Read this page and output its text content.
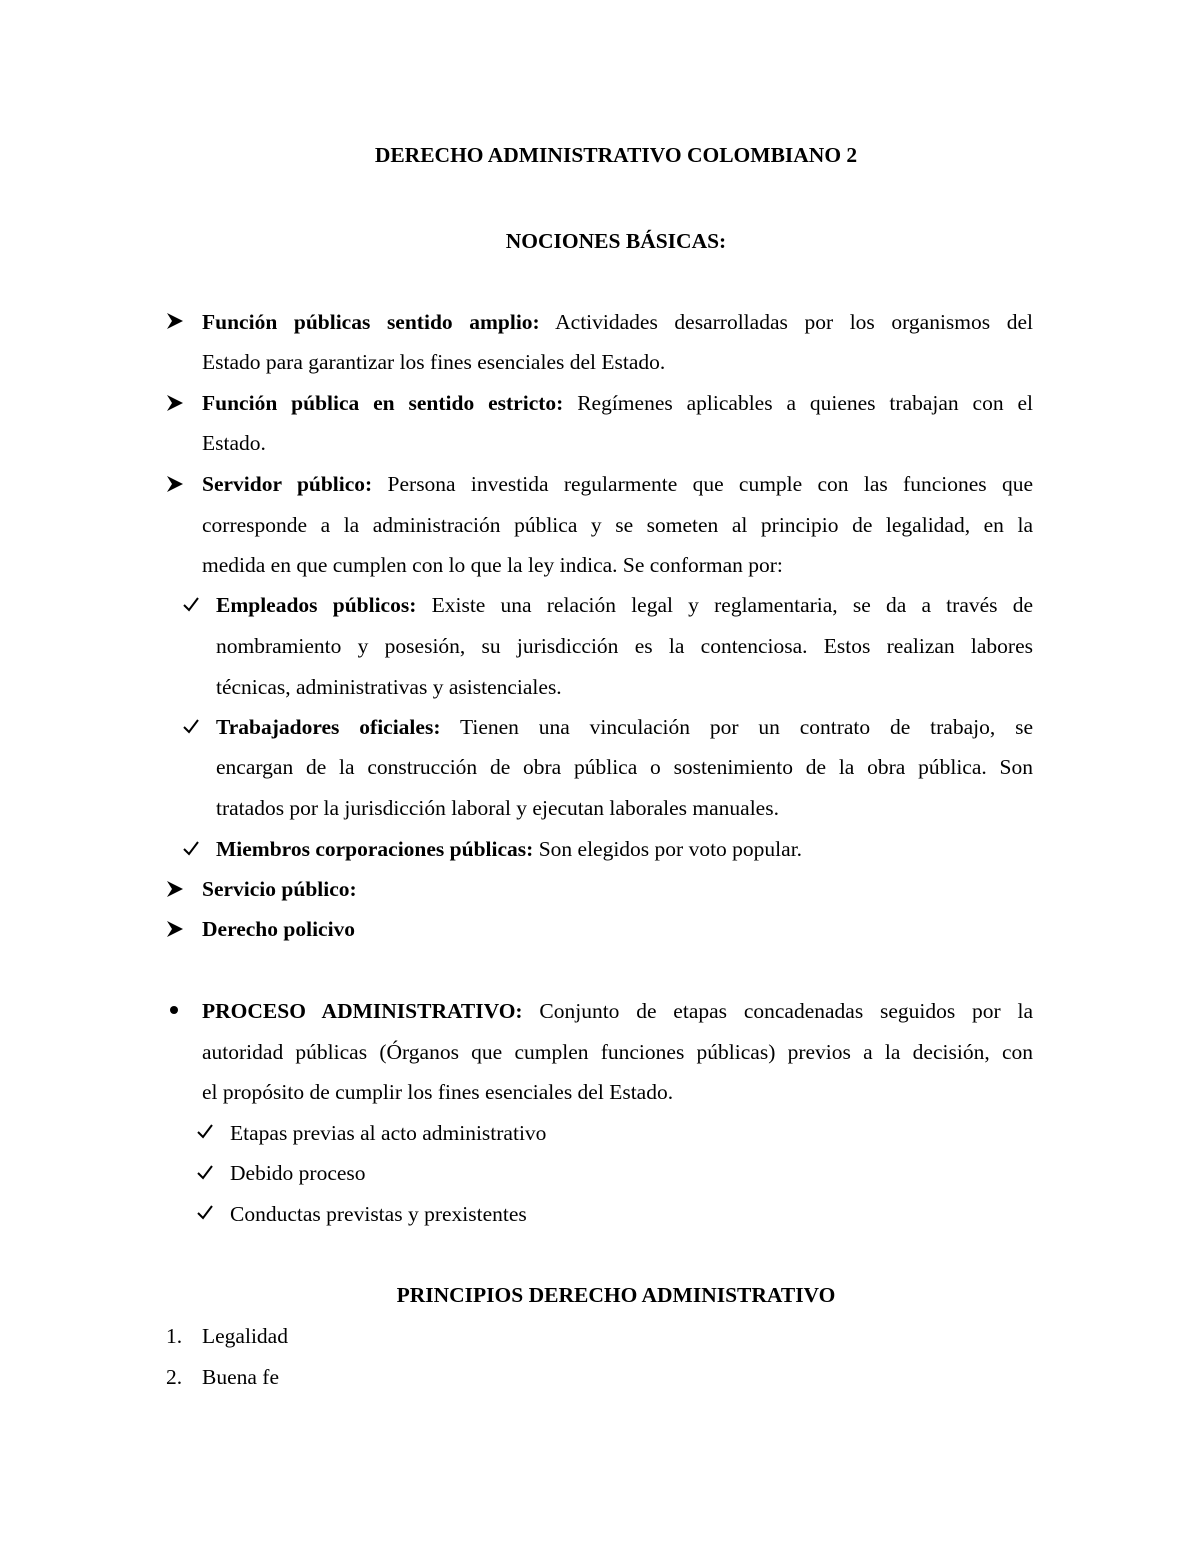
DERECHO ADMINISTRATIVO COLOMBIANO 2
NOCIONES BÁSICAS:
Función públicas sentido amplio: Actividades desarrolladas por los organismos del
Estado para garantizar los fines esenciales del Estado.
Función pública en sentido estricto: Regímenes aplicables a quienes trabajan con el
Estado.
Servidor público: Persona investida regularmente que cumple con las funciones que
corresponde a la administración pública y se someten al principio de legalidad, en la
medida en que cumplen con lo que la ley indica. Se conforman por:
Empleados públicos: Existe una relación legal y reglamentaria, se da a través de
nombramiento y posesión, su jurisdicción es la contenciosa. Estos realizan labores
técnicas, administrativas y asistenciales.
Trabajadores oficiales: Tienen una vinculación por un contrato de trabajo, se
encargan de la construcción de obra pública o sostenimiento de la obra pública. Son
tratados por la jurisdicción laboral y ejecutan laborales manuales.
Miembros corporaciones públicas: Son elegidos por voto popular.
Servicio público:
Derecho policivo
PROCESO ADMINISTRATIVO: Conjunto de etapas concadenadas seguidos por la
autoridad públicas (Órganos que cumplen funciones públicas) previos a la decisión, con
el propósito de cumplir los fines esenciales del Estado.
Etapas previas al acto administrativo
Debido proceso
Conductas previstas y prexistentes
PRINCIPIOS DERECHO ADMINISTRATIVO
1. Legalidad
2. Buena fe
